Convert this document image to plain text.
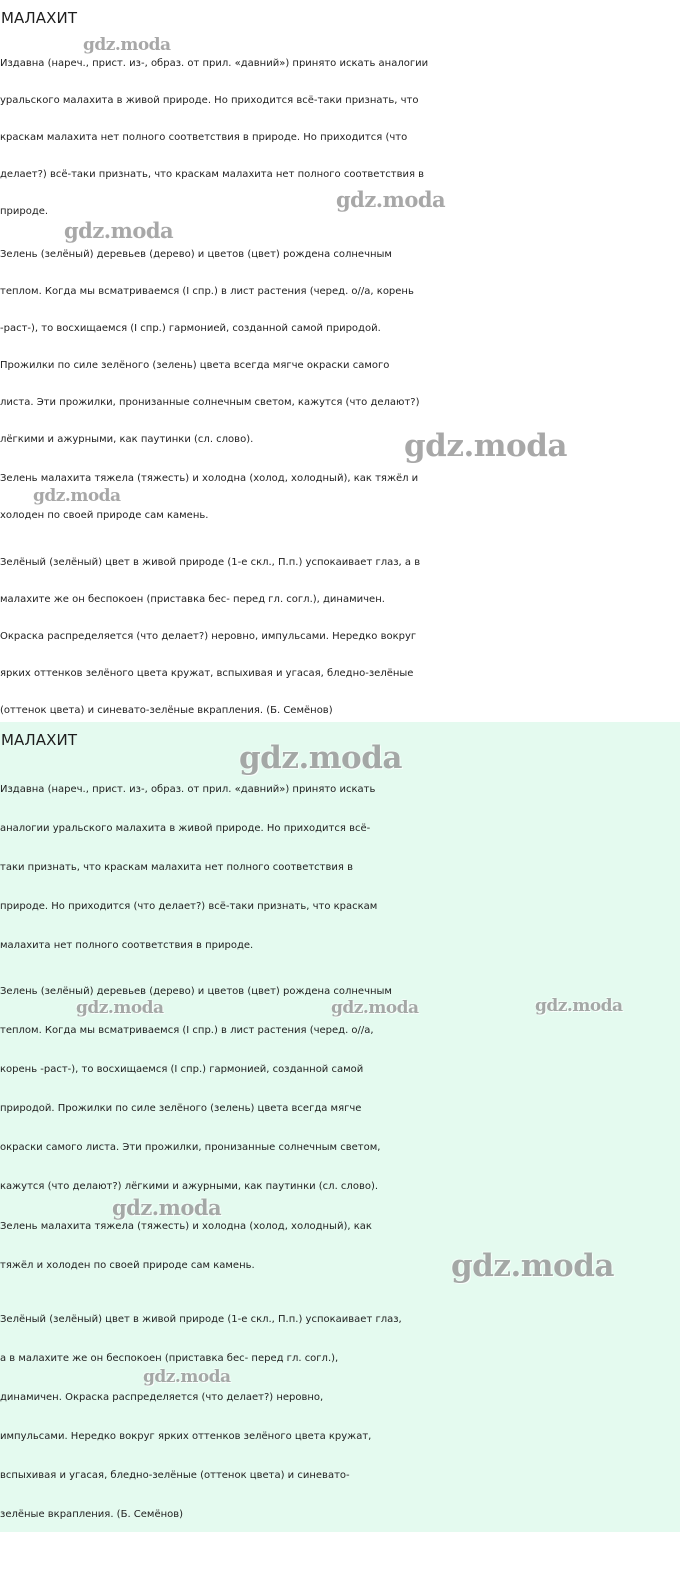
МАЛАХИТ

Издавна (нареч., прист. из-, образ. от прил. «давний») принято искать аналогии
уральского малахита в живой природе. Но приходится всё-таки признать, что
краскам малахита нет полного соответствия в природе. Но приходится (что
делает?) всё-таки признать, что краскам малахита нет полного соответствия в
природе.

Зелень (зелёный) деревьев (дерево) и цветов (цвет) рождена солнечным
теплом. Когда мы всматриваемся (I спр.) в лист растения (черед. о//а, корень
-раст-), то восхищаемся (I спр.) гармонией, созданной самой природой.
Прожилки по силе зелёного (зелень) цвета всегда мягче окраски самого
листа. Эти прожилки, пронизанные солнечным светом, кажутся (что делают?)
лёгкими и ажурными, как паутинки (сл. слово).

Зелень малахита тяжела (тяжесть) и холодна (холод, холодный), как тяжёл и
холоден по своей природе сам камень.

Зелёный (зелёный) цвет в живой природе (1-е скл., П.п.) успокаивает глаз, а в
малахите же он беспокоен (приставка бес- перед гл. согл.), динамичен.
Окраска распределяется (что делает?) неровно, импульсами. Нередко вокруг
ярких оттенков зелёного цвета кружат, вспыхивая и угасая, бледно-зелёные
(оттенок цвета) и синевато-зелёные вкрапления. (Б. Семёнов)

gdz.moda
gdz.moda
gdz.moda
gdz.moda
gdz.moda
МАЛАХИТ

Издавна (нареч., прист. из-, образ. от прил. «давний») принято искать
аналогии уральского малахита в живой природе. Но приходится всё-
таки признать, что краскам малахита нет полного соответствия в
природе. Но приходится (что делает?) всё-таки признать, что краскам
малахита нет полного соответствия в природе.

Зелень (зелёный) деревьев (дерево) и цветов (цвет) рождена солнечным
теплом. Когда мы всматриваемся (I спр.) в лист растения (черед. о//а,
корень -раст-), то восхищаемся (I спр.) гармонией, созданной самой
природой. Прожилки по силе зелёного (зелень) цвета всегда мягче
окраски самого листа. Эти прожилки, пронизанные солнечным светом,
кажутся (что делают?) лёгкими и ажурными, как паутинки (сл. слово).

Зелень малахита тяжела (тяжесть) и холодна (холод, холодный), как
тяжёл и холоден по своей природе сам камень.

Зелёный (зелёный) цвет в живой природе (1-е скл., П.п.) успокаивает глаз,
а в малахите же он беспокоен (приставка бес- перед гл. согл.),
динамичен. Окраска распределяется (что делает?) неровно,
импульсами. Нередко вокруг ярких оттенков зелёного цвета кружат,
вспыхивая и угасая, бледно-зелёные (оттенок цвета) и синевато-
зелёные вкрапления. (Б. Семёнов)

gdz.moda
gdz.moda	gdz.moda	gdz.moda
gdz.moda
gdz.moda
gdz.moda
